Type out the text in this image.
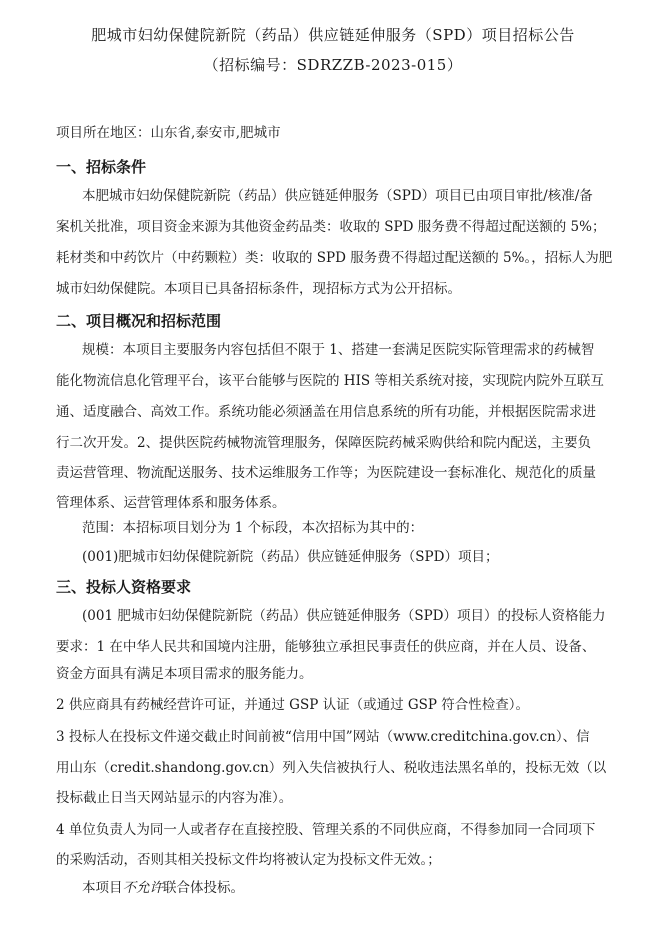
肥城市妇幼保健院新院（药品）供应链延伸服务（SPD）项目招标公告
（招标编号：SDRZZB-2023-015）
项目所在地区：山东省,泰安市,肥城市
一、招标条件
本肥城市妇幼保健院新院（药品）供应链延伸服务（SPD）项目已由项目审批/核准/备
案机关批准，项目资金来源为其他资金药品类：收取的 SPD 服务费不得超过配送额的 5%；
耗材类和中药饮片（中药颗粒）类：收取的 SPD 服务费不得超过配送额的 5%。，招标人为肥
城市妇幼保健院。本项目已具备招标条件，现招标方式为公开招标。
二、项目概况和招标范围
规模：本项目主要服务内容包括但不限于 1、搭建一套满足医院实际管理需求的药械智
能化物流信息化管理平台，该平台能够与医院的 HIS 等相关系统对接，实现院内院外互联互
通、适度融合、高效工作。系统功能必须涵盖在用信息系统的所有功能，并根据医院需求进
行二次开发。2、提供医院药械物流管理服务，保障医院药械采购供给和院内配送，主要负
责运营管理、物流配送服务、技术运维服务工作等；为医院建设一套标准化、规范化的质量
管理体系、运营管理体系和服务体系。
范围：本招标项目划分为 1 个标段，本次招标为其中的：
(001)肥城市妇幼保健院新院（药品）供应链延伸服务（SPD）项目；
三、投标人资格要求
(001 肥城市妇幼保健院新院（药品）供应链延伸服务（SPD）项目）的投标人资格能力
要求：1 在中华人民共和国境内注册，能够独立承担民事责任的供应商，并在人员、设备、
资金方面具有满足本项目需求的服务能力。
2 供应商具有药械经营许可证，并通过 GSP 认证（或通过 GSP 符合性检查）。
3 投标人在投标文件递交截止时间前被“信用中国”网站（www.creditchina.gov.cn）、信
用山东（credit.shandong.gov.cn）列入失信被执行人、税收违法黑名单的，投标无效（以
投标截止日当天网站显示的内容为准）。
4 单位负责人为同一人或者存在直接控股、管理关系的不同供应商，不得参加同一合同项下
的采购活动，否则其相关投标文件均将被认定为投标文件无效。；
本项目不允许联合体投标。
